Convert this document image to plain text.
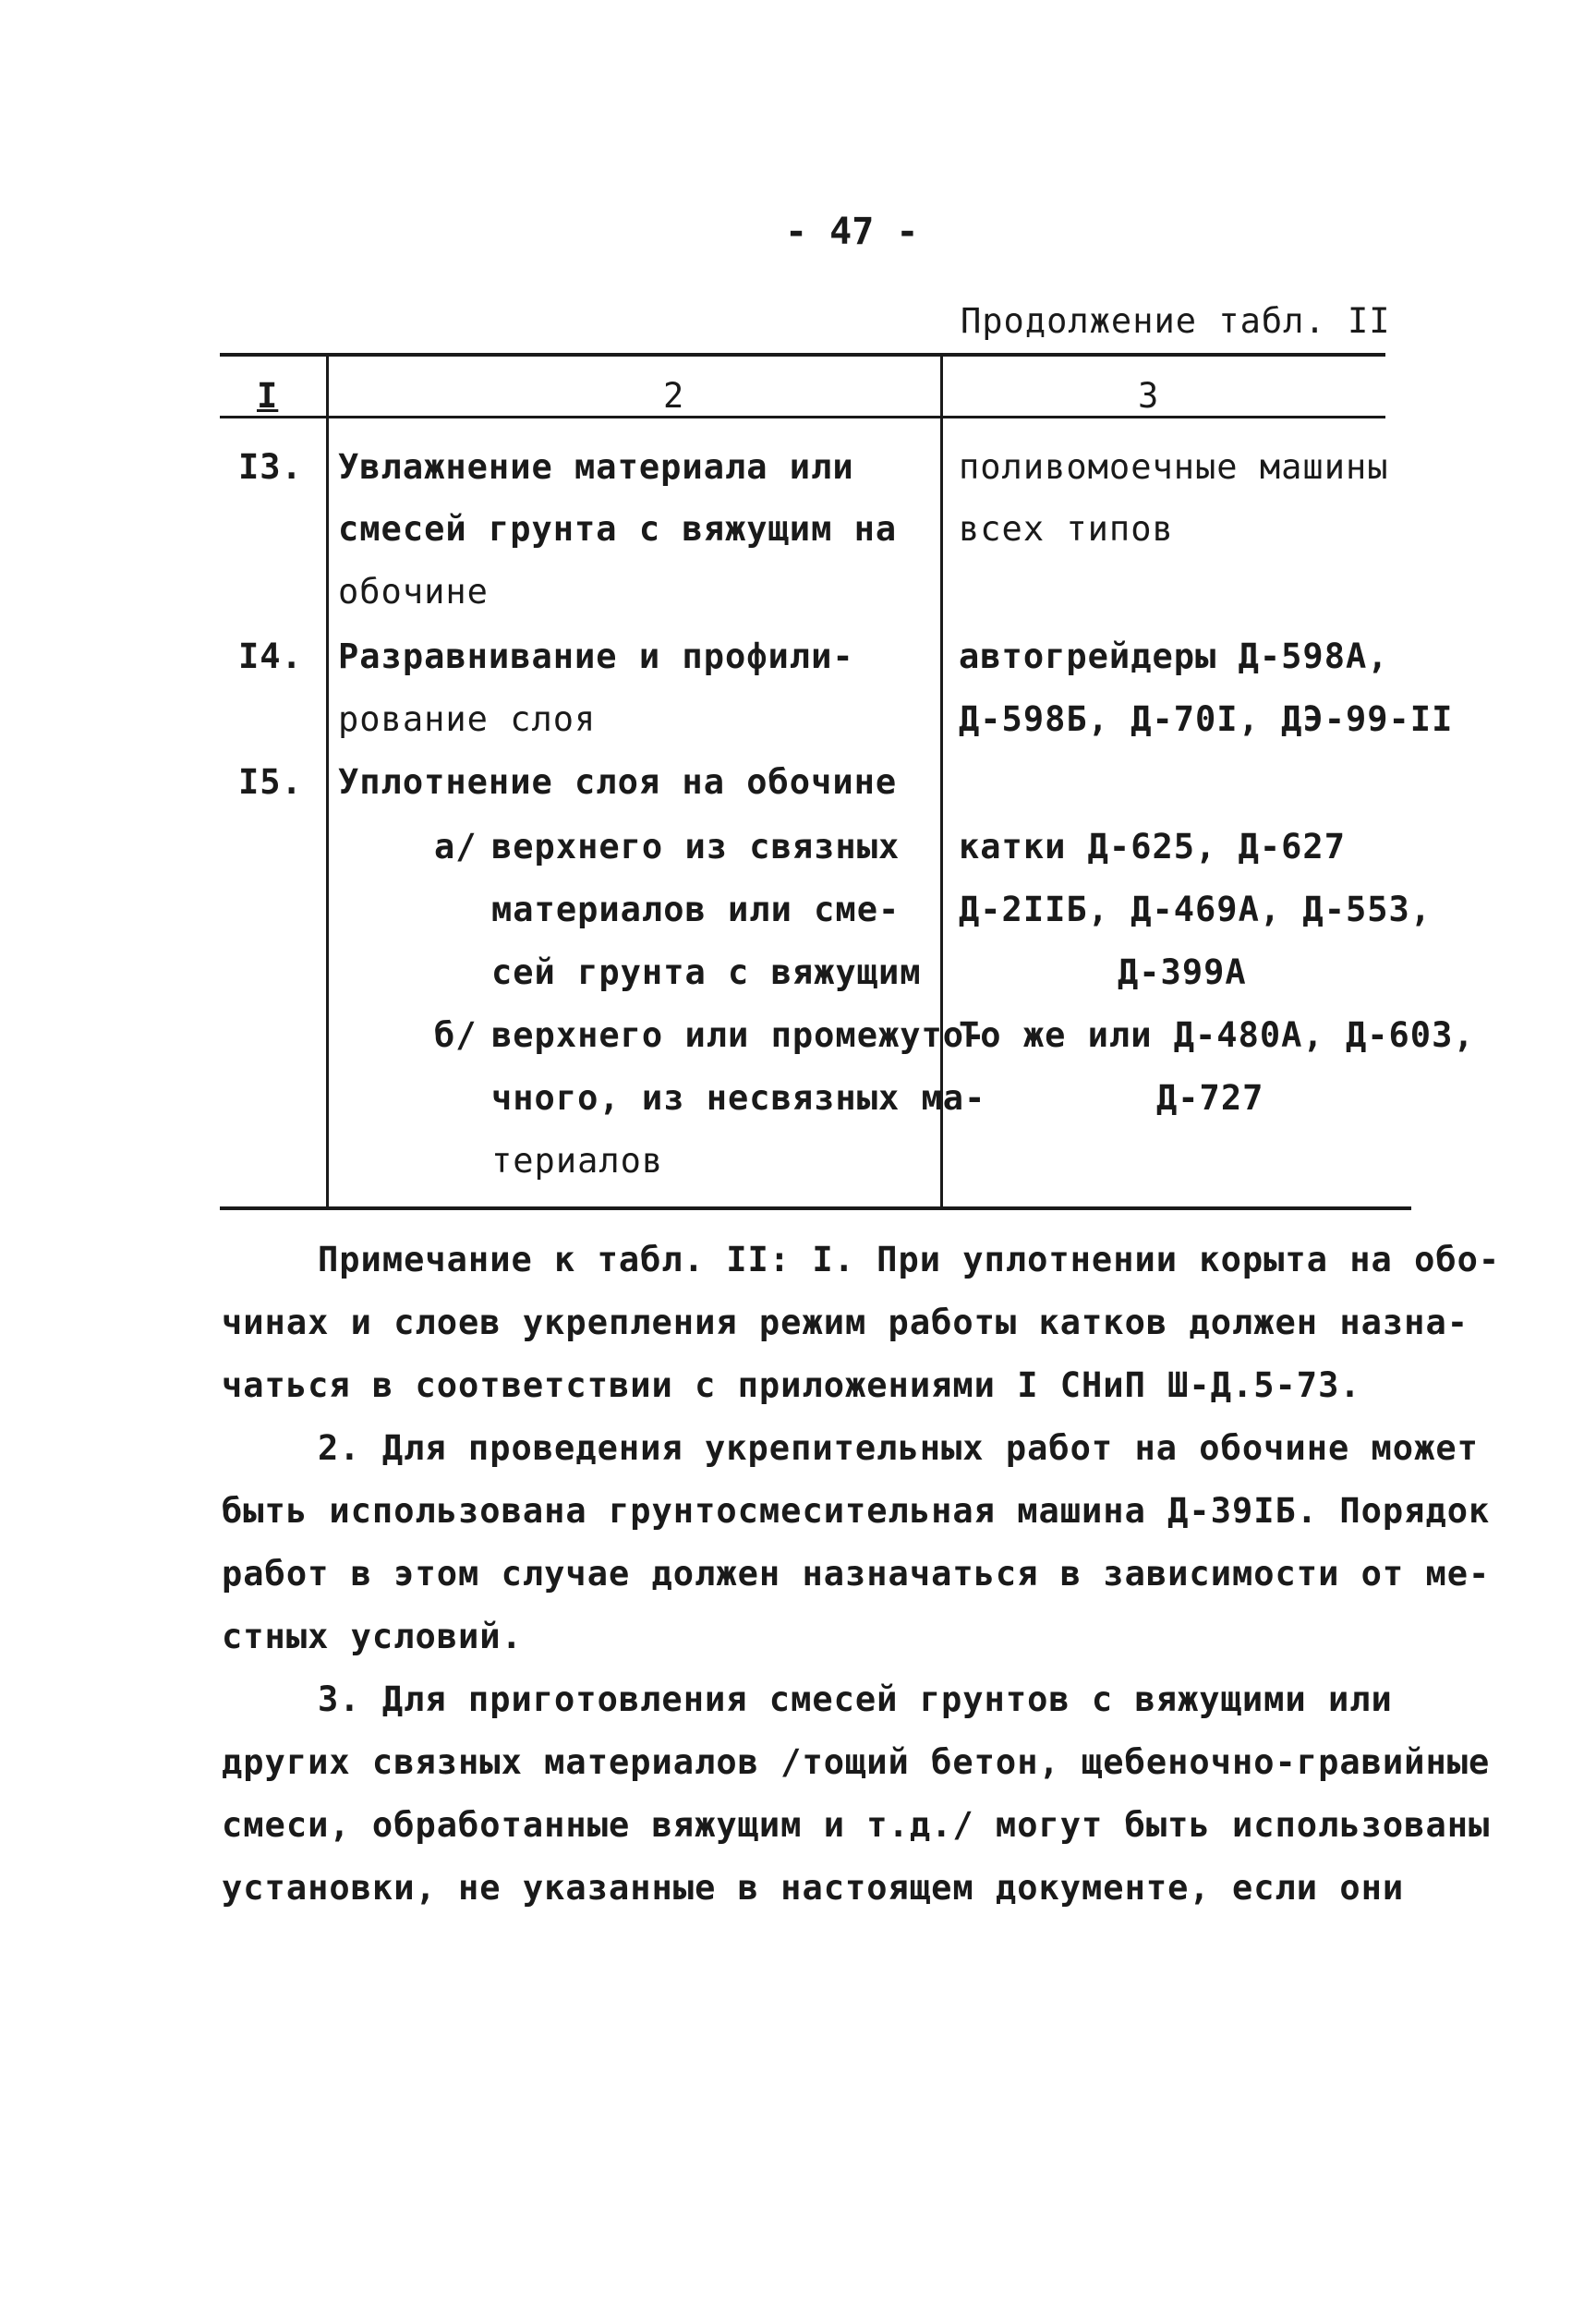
- 47 -
Продолжение табл. II
I	2	3
I3. Увлажнение материала или
смесей грунта с вяжущим на
обочине
поливомоечные машины
всех типов
I4. Разравнивание и профили-
рование слоя
автогрейдеры Д-598А,
Д-598Б, Д-70I, ДЭ-99-II
I5. Уплотнение слоя на обочине
а/ верхнего из связных
материалов или сме-
сей грунта с вяжущим
катки Д-625, Д-627
Д-2IIБ, Д-469А, Д-553,
Д-399А
б/ верхнего или промежуто-
чного, из несвязных ма-
териалов
То же или Д-480А, Д-603,
Д-727
Примечание к табл. II: I. При уплотнении корыта на обо-
чинах и слоев укрепления режим работы катков должен назна-
чаться в соответствии с приложениями I СНиП Ш-Д.5-73.
2. Для проведения укрепительных работ на обочине может
быть использована грунтосмесительная машина Д-39IБ. Порядок
работ в этом случае должен назначаться в зависимости от ме-
стных условий.
3. Для приготовления смесей грунтов с вяжущими или
других связных материалов /тощий бетон, щебеночно-гравийные
смеси, обработанные вяжущим и т.д./ могут быть использованы
установки, не указанные в настоящем документе, если они
